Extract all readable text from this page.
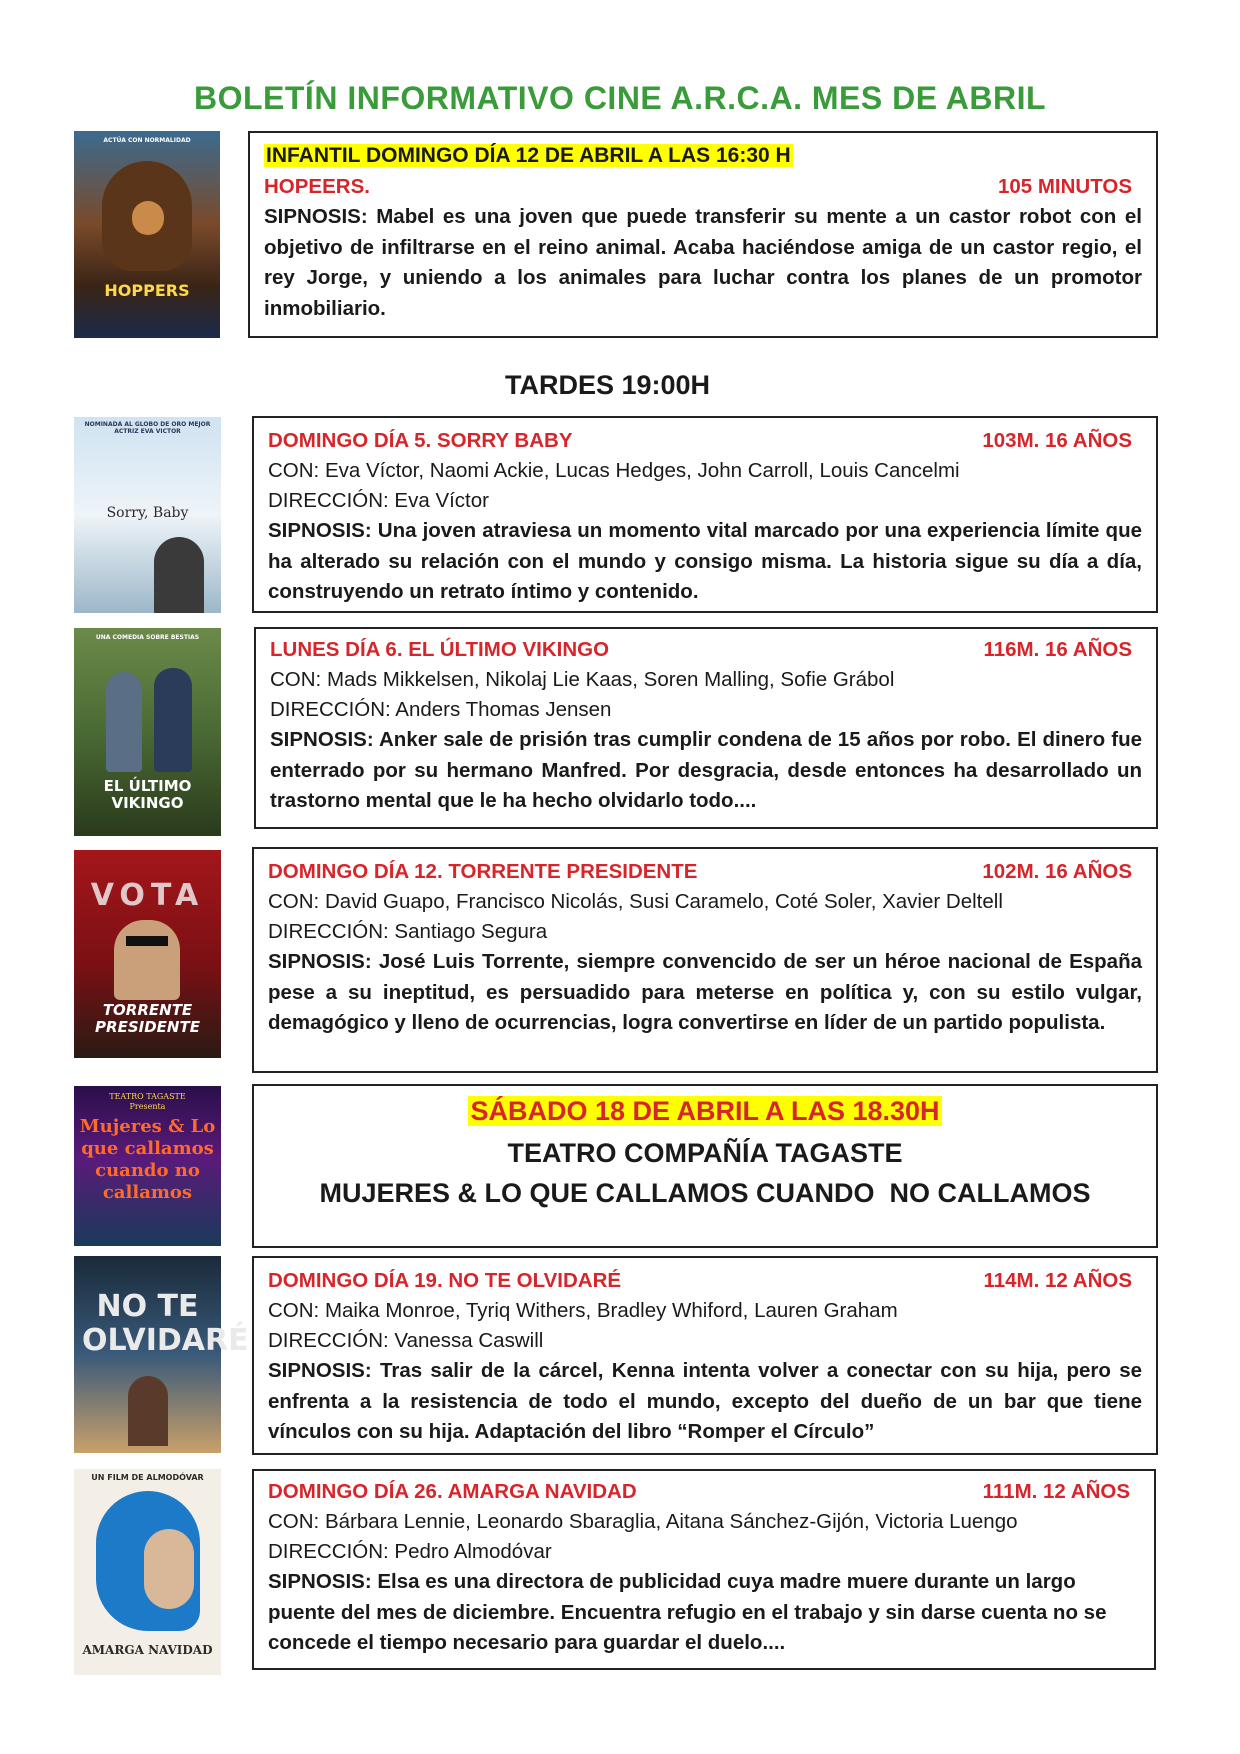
BOLETÍN INFORMATIVO CINE A.R.C.A. MES DE ABRIL
ACTÚA CON NORMALIDAD
HOPPERS
INFANTIL DOMINGO DÍA 12 DE ABRIL A LAS 16:30 H
HOPEERS.	105 MINUTOS
SIPNOSIS: Mabel es una joven que puede transferir su mente a un castor robot con el objetivo de infiltrarse en el reino animal. Acaba haciéndose amiga de un castor regio, el rey Jorge, y uniendo a los animales para luchar contra los planes de un promotor inmobiliario.
TARDES 19:00H
NOMINADA AL GLOBO DE ORO MEJOR ACTRIZ EVA VICTOR
Sorry, Baby
DOMINGO DÍA 5. SORRY BABY	103M. 16 AÑOS
CON: Eva Víctor, Naomi Ackie, Lucas Hedges, John Carroll, Louis Cancelmi
DIRECCIÓN: Eva Víctor
SIPNOSIS: Una joven atraviesa un momento vital marcado por una experiencia límite que ha alterado su relación con el mundo y consigo misma. La historia sigue su día a día, construyendo un retrato íntimo y contenido.
UNA COMEDIA SOBRE BESTIAS
EL ÚLTIMO VIKINGO
LUNES DÍA 6. EL ÚLTIMO VIKINGO	116M. 16 AÑOS
CON: Mads Mikkelsen, Nikolaj Lie Kaas, Soren Malling, Sofie Grábol
DIRECCIÓN: Anders Thomas Jensen
SIPNOSIS: Anker sale de prisión tras cumplir condena de 15 años por robo. El dinero fue enterrado por su hermano Manfred. Por desgracia, desde entonces ha desarrollado un trastorno mental que le ha hecho olvidarlo todo....
VOTA
TORRENTE PRESIDENTE
DOMINGO DÍA 12. TORRENTE PRESIDENTE	102M. 16 AÑOS
CON: David Guapo, Francisco Nicolás, Susi Caramelo, Coté Soler, Xavier Deltell
DIRECCIÓN: Santiago Segura
SIPNOSIS: José Luis Torrente, siempre convencido de ser un héroe nacional de España pese a su ineptitud, es persuadido para meterse en política y, con su estilo vulgar, demagógico y lleno de ocurrencias, logra convertirse en líder de un partido populista.
TEATRO TAGASTE Presenta
Mujeres & Lo que callamos cuando no callamos
SÁBADO 18 DE ABRIL A LAS 18.30H
TEATRO COMPAÑÍA TAGASTE
MUJERES & LO QUE CALLAMOS CUANDO  NO CALLAMOS
NO TE OLVIDARÉ
DOMINGO DÍA 19. NO TE OLVIDARÉ	114M. 12 AÑOS
CON: Maika Monroe, Tyriq Withers, Bradley Whiford, Lauren Graham
DIRECCIÓN: Vanessa Caswill
SIPNOSIS: Tras salir de la cárcel, Kenna intenta volver a conectar con su hija, pero se enfrenta a la resistencia de todo el mundo, excepto del dueño de un bar que tiene vínculos con su hija. Adaptación del libro “Romper el Círculo”
UN FILM DE ALMODÓVAR
AMARGA NAVIDAD
DOMINGO DÍA 26. AMARGA NAVIDAD	111M. 12 AÑOS
CON: Bárbara Lennie, Leonardo Sbaraglia, Aitana Sánchez-Gijón, Victoria Luengo
DIRECCIÓN: Pedro Almodóvar
SIPNOSIS: Elsa es una directora de publicidad cuya madre muere durante un largo puente del mes de diciembre. Encuentra refugio en el trabajo y sin darse cuenta no se concede el tiempo necesario para guardar el duelo....
